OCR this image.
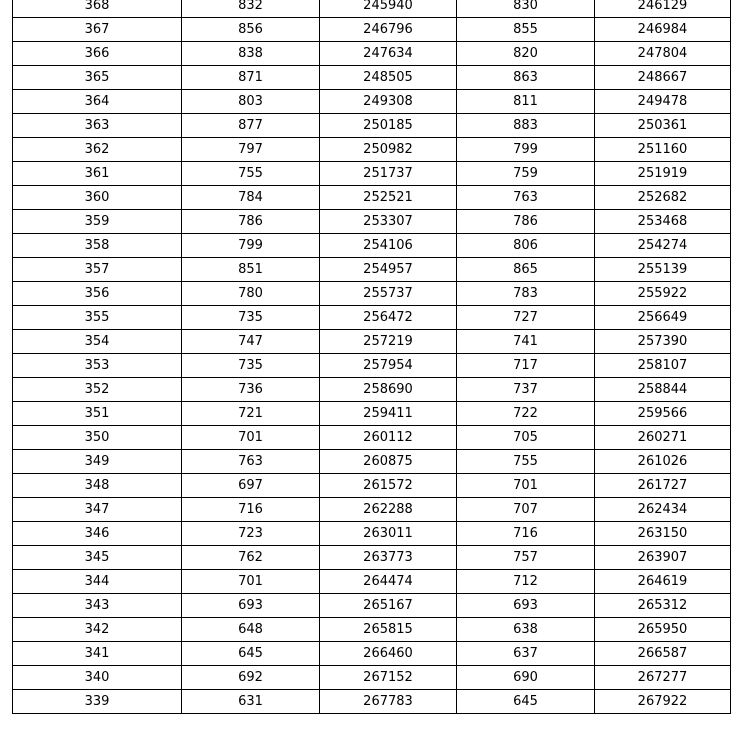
368	832	245940	830	246129
367	856	246796	855	246984
366	838	247634	820	247804
365	871	248505	863	248667
364	803	249308	811	249478
363	877	250185	883	250361
362	797	250982	799	251160
361	755	251737	759	251919
360	784	252521	763	252682
359	786	253307	786	253468
358	799	254106	806	254274
357	851	254957	865	255139
356	780	255737	783	255922
355	735	256472	727	256649
354	747	257219	741	257390
353	735	257954	717	258107
352	736	258690	737	258844
351	721	259411	722	259566
350	701	260112	705	260271
349	763	260875	755	261026
348	697	261572	701	261727
347	716	262288	707	262434
346	723	263011	716	263150
345	762	263773	757	263907
344	701	264474	712	264619
343	693	265167	693	265312
342	648	265815	638	265950
341	645	266460	637	266587
340	692	267152	690	267277
339	631	267783	645	267922
